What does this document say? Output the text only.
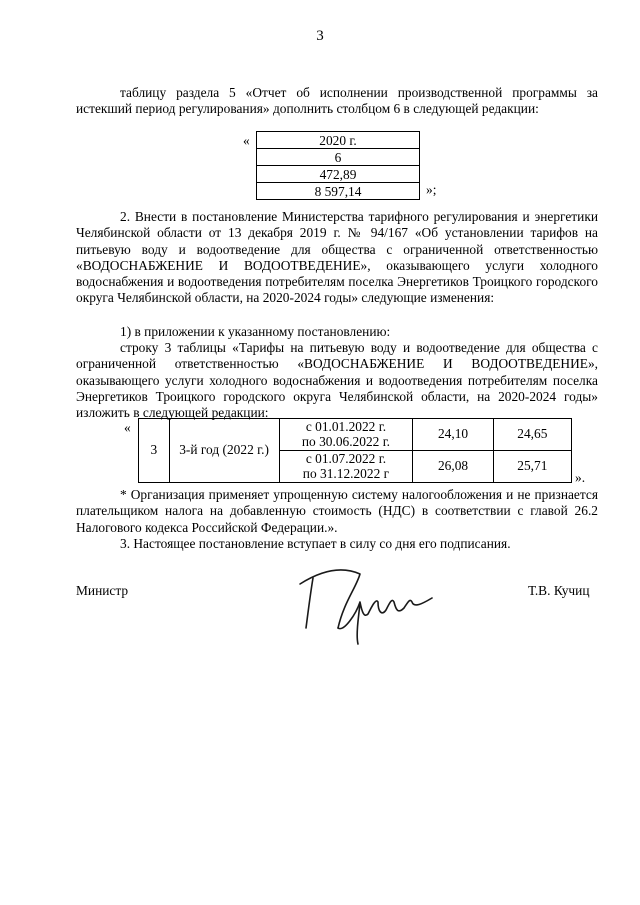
3

таблицу раздела 5 «Отчет об исполнении производственной программы за истекший период регулирования» дополнить столбцом 6 в следующей редакции:

«	2020 г.
6
472,89
8 597,14	»;

2. Внести в постановление Министерства тарифного регулирования и энергетики Челябинской области от 13 декабря 2019 г. № 94/167 «Об установлении тарифов на питьевую воду и водоотведение для общества с ограниченной ответственностью «ВОДОСНАБЖЕНИЕ И ВОДООТВЕДЕНИЕ», оказывающего услуги холодного водоснабжения и водоотведения потребителям поселка Энергетиков Троицкого городского округа Челябинской области, на 2020-2024 годы» следующие изменения:

1) в приложении к указанному постановлению:

строку 3 таблицы «Тарифы на питьевую воду и водоотведение для общества с ограниченной ответственностью «ВОДОСНАБЖЕНИЕ И ВОДООТВЕДЕНИЕ», оказывающего услуги холодного водоснабжения и водоотведения потребителям поселка Энергетиков Троицкого городского округа Челябинской области, на 2020-2024 годы» изложить в следующей редакции:

«
3	3-й год (2022 г.)	с 01.01.2022 г.
по 30.06.2022 г.	24,10	24,65

		с 01.07.2022 г.
по 31.12.2022 г	26,08	25,71
».

* Организация применяет упрощенную систему налогообложения и не признается плательщиком налога на добавленную стоимость (НДС) в соответствии с главой 26.2 Налогового кодекса Российской Федерации.».

3. Настоящее постановление вступает в силу со дня его подписания.

Министр	Т.В. Кучиц
